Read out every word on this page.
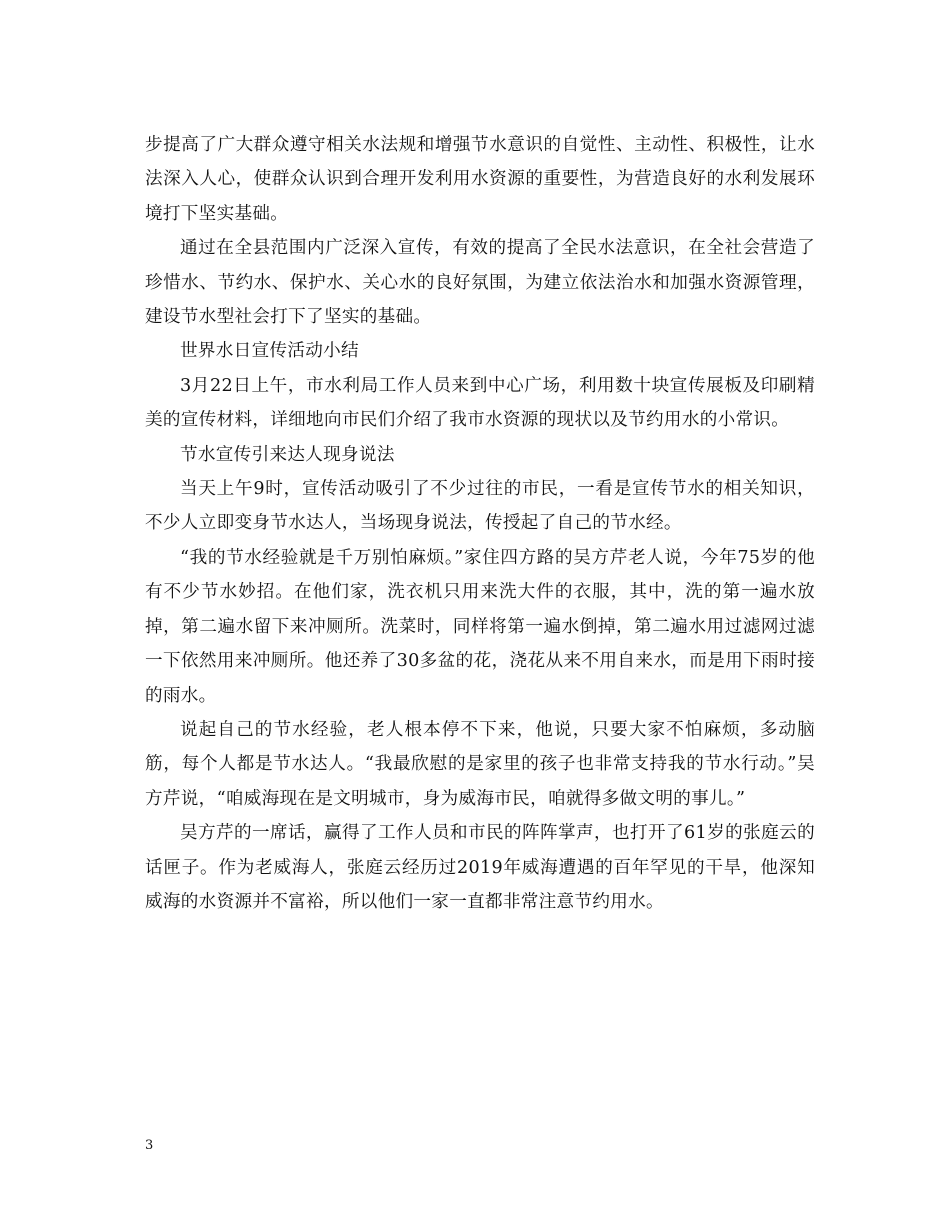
步提高了广大群众遵守相关水法规和增强节水意识的自觉性、主动性、积极性，让水法深入人心，使群众认识到合理开发利用水资源的重要性，为营造良好的水利发展环境打下坚实基础。

通过在全县范围内广泛深入宣传，有效的提高了全民水法意识，在全社会营造了珍惜水、节约水、保护水、关心水的良好氛围，为建立依法治水和加强水资源管理，建设节水型社会打下了坚实的基础。

世界水日宣传活动小结

3月22日上午，市水利局工作人员来到中心广场，利用数十块宣传展板及印刷精美的宣传材料，详细地向市民们介绍了我市水资源的现状以及节约用水的小常识。

节水宣传引来达人现身说法

当天上午9时，宣传活动吸引了不少过往的市民，一看是宣传节水的相关知识，不少人立即变身节水达人，当场现身说法，传授起了自己的节水经。

“我的节水经验就是千万别怕麻烦。”家住四方路的吴方芹老人说，今年75岁的他有不少节水妙招。在他们家，洗衣机只用来洗大件的衣服，其中，洗的第一遍水放掉，第二遍水留下来冲厕所。洗菜时，同样将第一遍水倒掉，第二遍水用过滤网过滤一下依然用来冲厕所。他还养了30多盆的花，浇花从来不用自来水，而是用下雨时接的雨水。

说起自己的节水经验，老人根本停不下来，他说，只要大家不怕麻烦，多动脑筋，每个人都是节水达人。“我最欣慰的是家里的孩子也非常支持我的节水行动。”吴方芹说，“咱威海现在是文明城市，身为威海市民，咱就得多做文明的事儿。”

吴方芹的一席话，赢得了工作人员和市民的阵阵掌声，也打开了61岁的张庭云的话匣子。作为老威海人，张庭云经历过2019年威海遭遇的百年罕见的干旱，他深知威海的水资源并不富裕，所以他们一家一直都非常注意节约用水。

3
